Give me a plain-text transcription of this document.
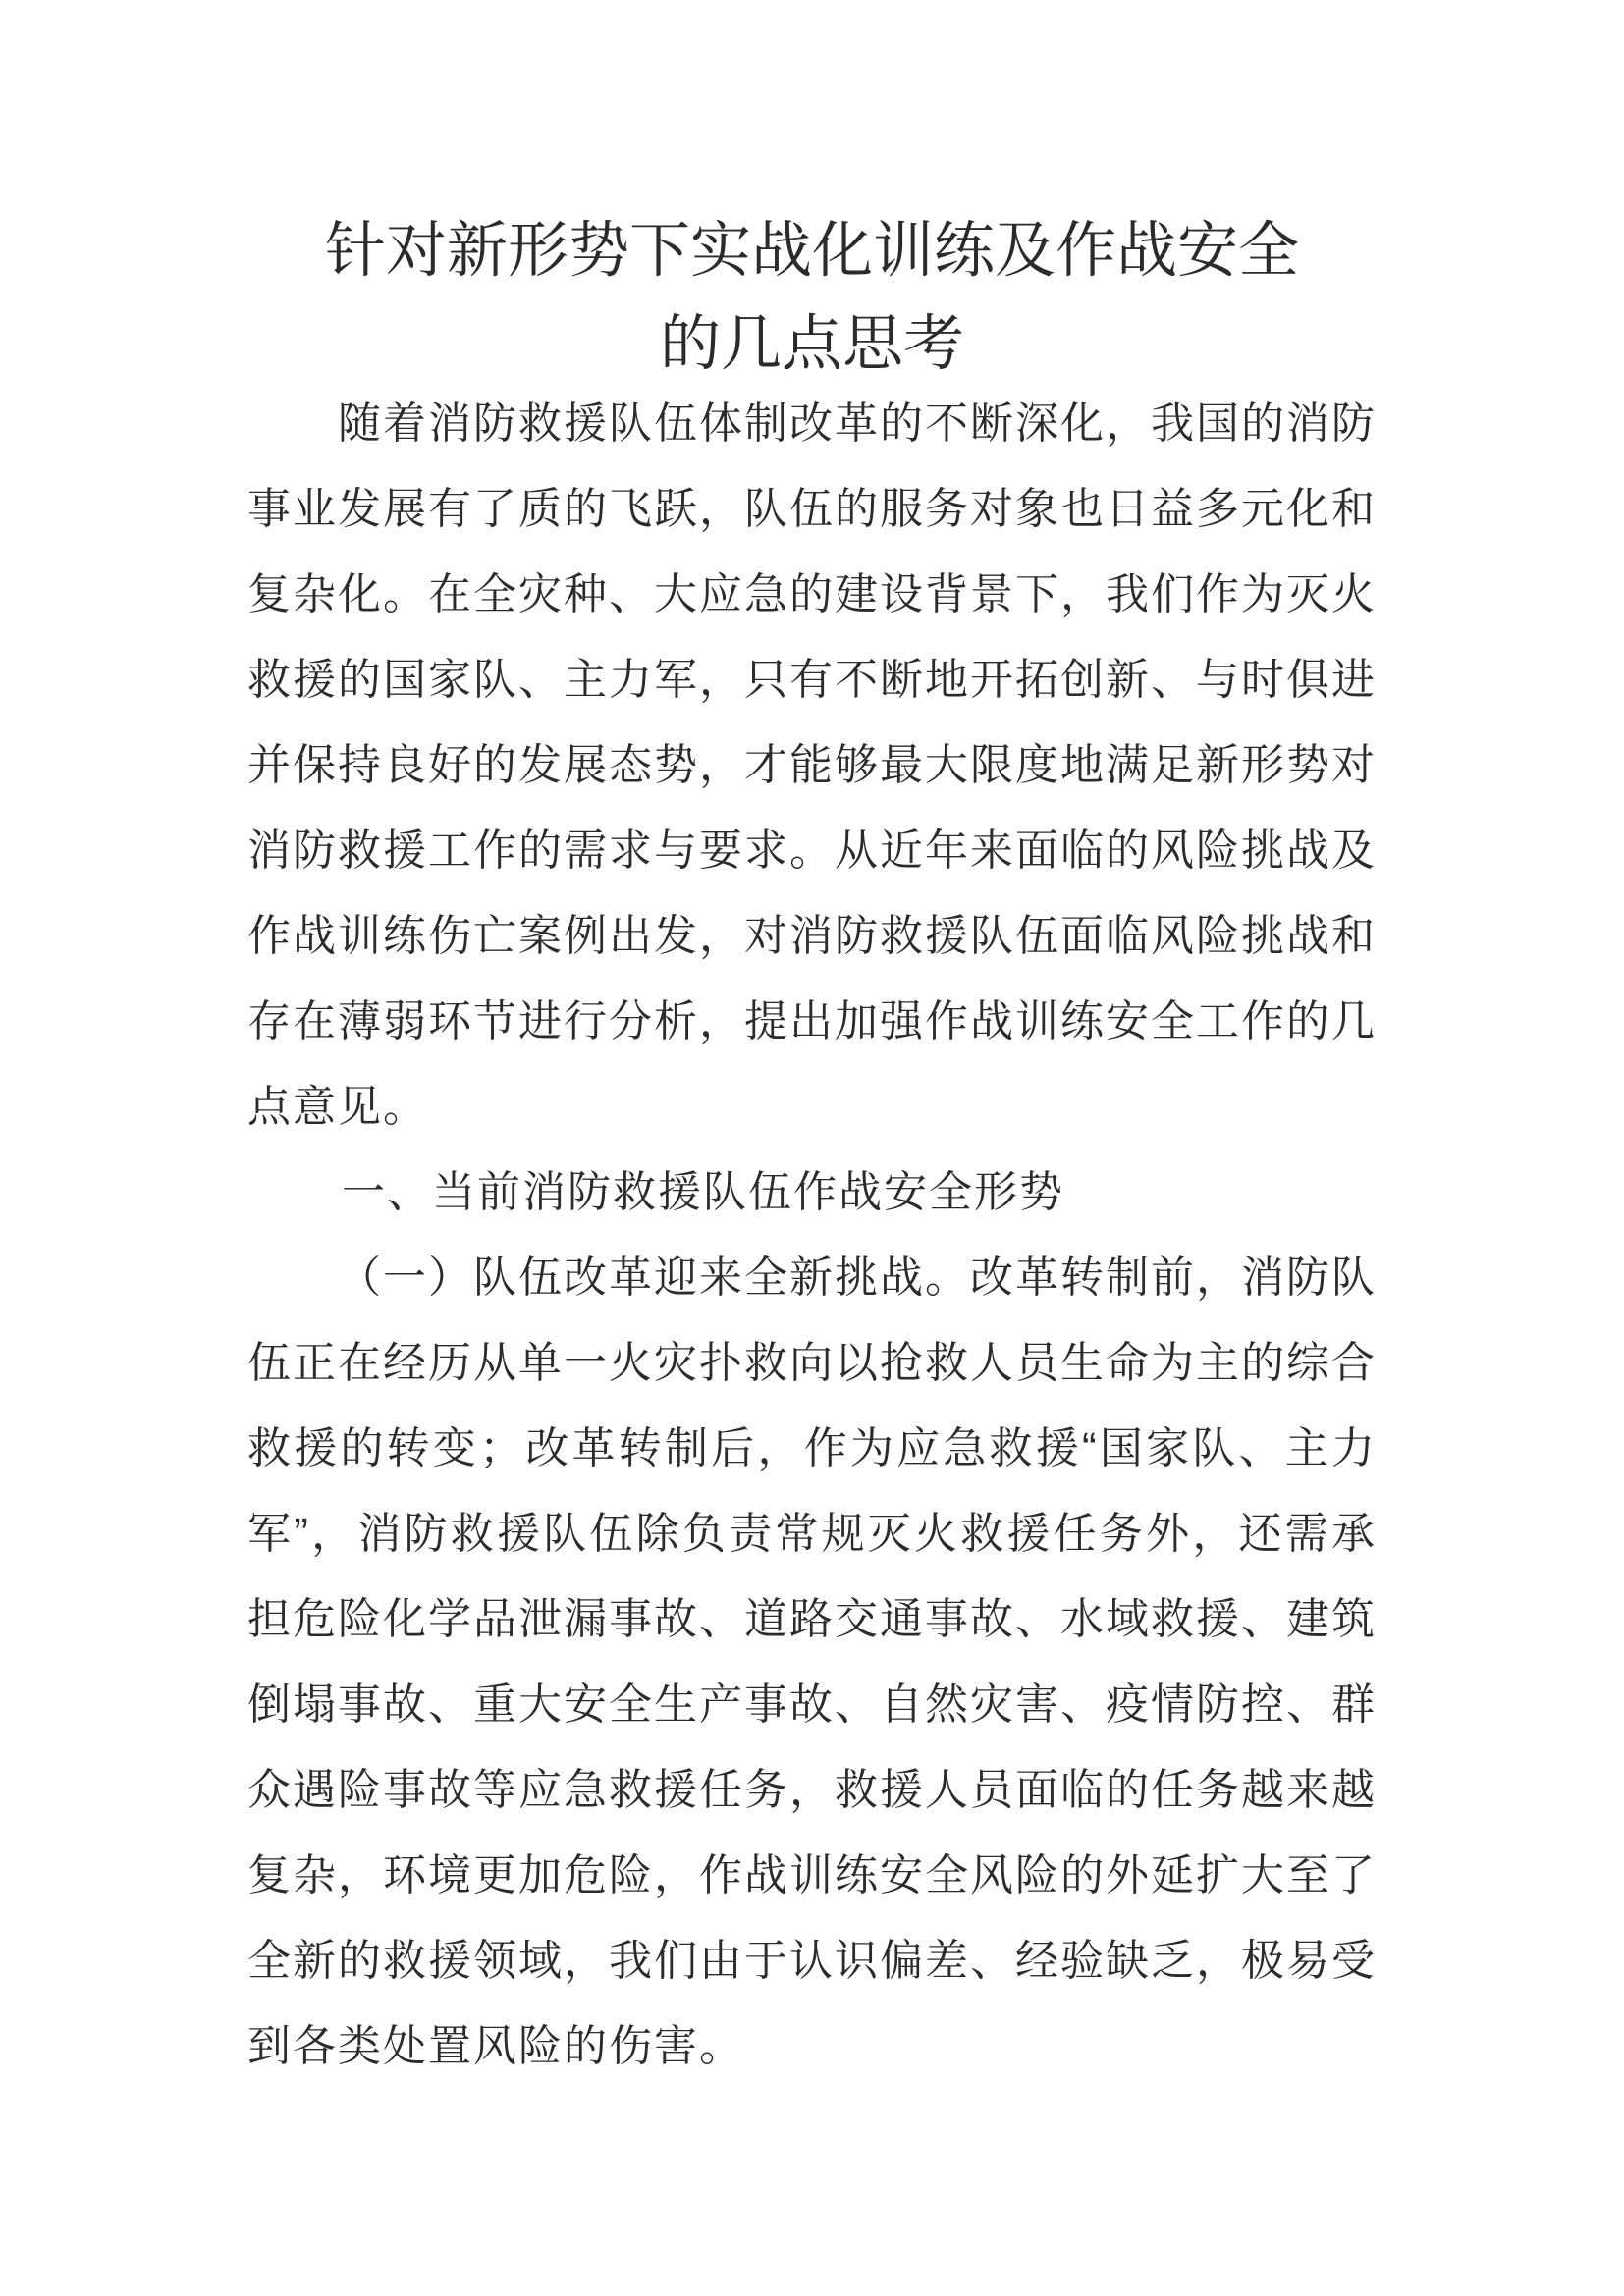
针对新形势下实战化训练及作战安全
的几点思考
随着消防救援队伍体制改革的不断深化，我国的消防
事业发展有了质的飞跃，队伍的服务对象也日益多元化和
复杂化。在全灾种、大应急的建设背景下，我们作为灭火
救援的国家队、主力军，只有不断地开拓创新、与时俱进
并保持良好的发展态势，才能够最大限度地满足新形势对
消防救援工作的需求与要求。从近年来面临的风险挑战及
作战训练伤亡案例出发，对消防救援队伍面临风险挑战和
存在薄弱环节进行分析，提出加强作战训练安全工作的几
点意见。
一、当前消防救援队伍作战安全形势
（一）队伍改革迎来全新挑战。改革转制前，消防队
伍正在经历从单一火灾扑救向以抢救人员生命为主的综合
救援的转变；改革转制后，作为应急救援“国家队、主力
军”，消防救援队伍除负责常规灭火救援任务外，还需承
担危险化学品泄漏事故、道路交通事故、水域救援、建筑
倒塌事故、重大安全生产事故、自然灾害、疫情防控、群
众遇险事故等应急救援任务，救援人员面临的任务越来越
复杂，环境更加危险，作战训练安全风险的外延扩大至了
全新的救援领域，我们由于认识偏差、经验缺乏，极易受
到各类处置风险的伤害。
